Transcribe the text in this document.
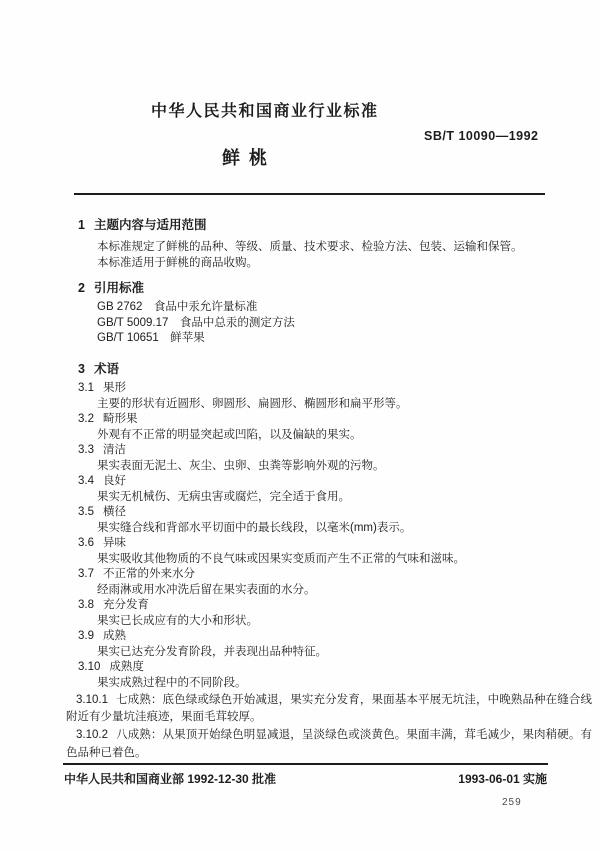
中华人民共和国商业行业标准
SB/T 10090—1992
鲜桃
1 主题内容与适用范围
本标准规定了鲜桃的品种、等级、质量、技术要求、检验方法、包装、运输和保管。
本标准适用于鲜桃的商品收购。
2 引用标准
GB 2762　食品中汞允许量标准
GB/T 5009.17　食品中总汞的测定方法
GB/T 10651　鲜苹果
3 术语
3.1 果形
主要的形状有近圆形、卵圆形、扁圆形、椭圆形和扁平形等。
3.2 畸形果
外观有不正常的明显突起或凹陷，以及偏缺的果实。
3.3 清洁
果实表面无泥土、灰尘、虫卵、虫粪等影响外观的污物。
3.4 良好
果实无机械伤、无病虫害或腐烂，完全适于食用。
3.5 横径
果实缝合线和背部水平切面中的最长线段，以毫米(mm)表示。
3.6 异味
果实吸收其他物质的不良气味或因果实变质而产生不正常的气味和滋味。
3.7 不正常的外来水分
经雨淋或用水冲洗后留在果实表面的水分。
3.8 充分发育
果实已长成应有的大小和形状。
3.9 成熟
果实已达充分发育阶段，并表现出品种特征。
3.10 成熟度
果实成熟过程中的不同阶段。

3.10.1 七成熟：底色绿或绿色开始减退，果实充分发育，果面基本平展无坑洼，中晚熟品种在缝合线附近有少量坑洼痕迹，果面毛茸较厚。

3.10.2 八成熟：从果顶开始绿色明显减退，呈淡绿色或淡黄色。果面丰满，茸毛减少，果肉稍硬。有色品种已着色。

中华人民共和国商业部 1992-12-30 批准	1993-06-01 实施
259
